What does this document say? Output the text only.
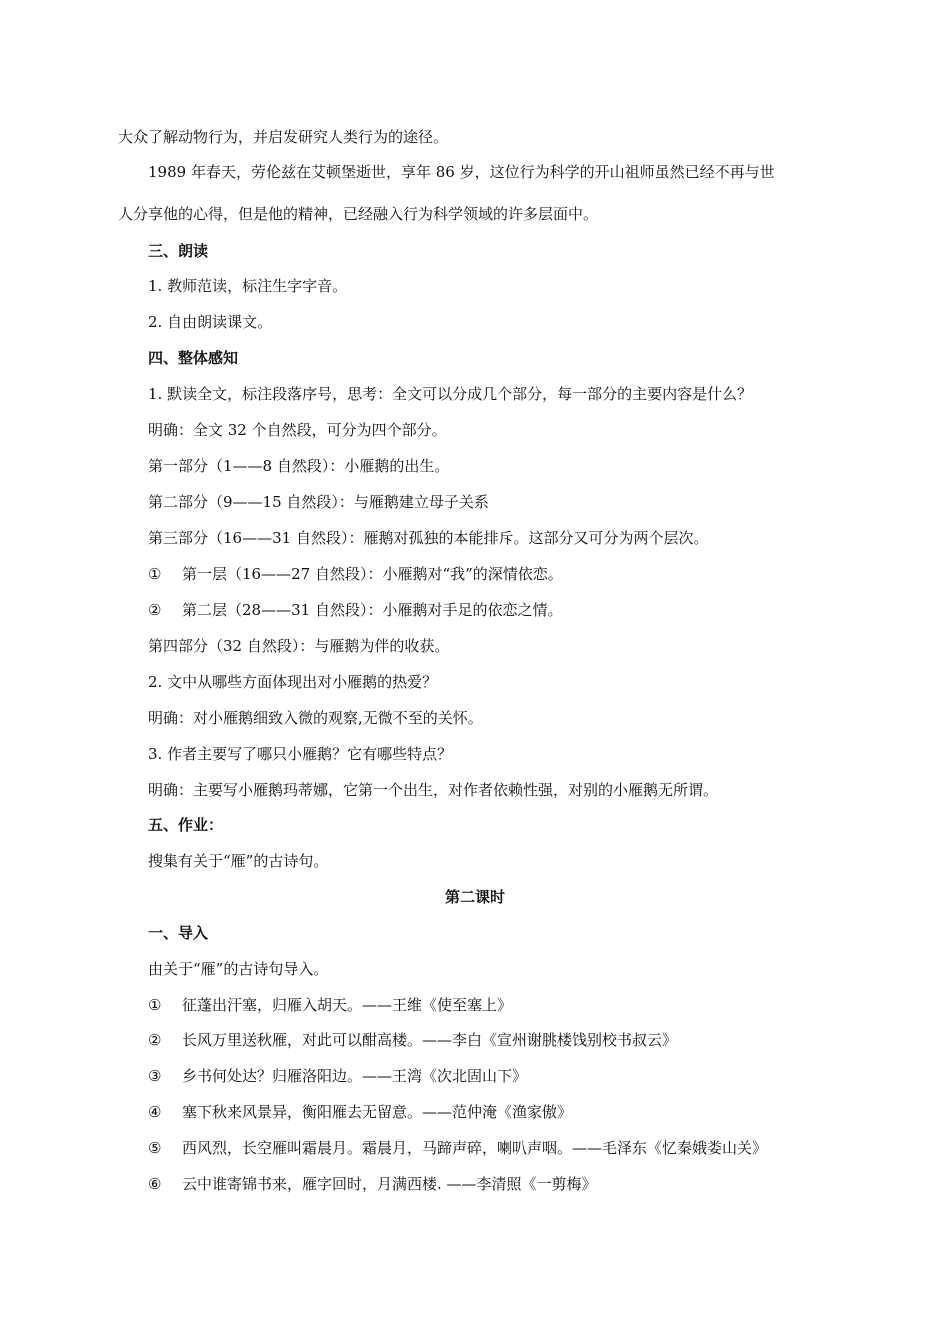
大众了解动物行为，并启发研究人类行为的途径。
1989 年春天，劳伦兹在艾顿堡逝世，享年 86 岁，这位行为科学的开山祖师虽然已经不再与世
人分享他的心得，但是他的精神，已经融入行为科学领域的许多层面中。
三、朗读
1. 教师范读，标注生字字音。
2. 自由朗读课文。
四、整体感知
1. 默读全文，标注段落序号，思考：全文可以分成几个部分，每一部分的主要内容是什么？
明确：全文 32 个自然段，可分为四个部分。
第一部分（1——8 自然段）：小雁鹅的出生。
第二部分（9——15 自然段）：与雁鹅建立母子关系
第三部分（16——31 自然段）：雁鹅对孤独的本能排斥。这部分又可分为两个层次。
① 第一层（16——27 自然段）：小雁鹅对“我”的深情依恋。
② 第二层（28——31 自然段）：小雁鹅对手足的依恋之情。
第四部分（32 自然段）：与雁鹅为伴的收获。
2. 文中从哪些方面体现出对小雁鹅的热爱？
明确：对小雁鹅细致入微的观察,无微不至的关怀。
3. 作者主要写了哪只小雁鹅？它有哪些特点？
明确：主要写小雁鹅玛蒂娜，它第一个出生，对作者依赖性强，对别的小雁鹅无所谓。
五、作业：
搜集有关于“雁”的古诗句。
第二课时
一、导入
由关于“雁”的古诗句导入。
① 征蓬出汗塞，归雁入胡天。——王维《使至塞上》
② 长风万里送秋雁，对此可以酣高楼。——李白《宣州谢朓楼饯别校书叔云》
③ 乡书何处达？归雁洛阳边。——王湾《次北固山下》
④ 塞下秋来风景异，衡阳雁去无留意。——范仲淹《渔家傲》
⑤ 西风烈，长空雁叫霜晨月。霜晨月，马蹄声碎，喇叭声咽。——毛泽东《忆秦娥娄山关》
⑥ 云中谁寄锦书来，雁字回时，月满西楼. ——李清照《一剪梅》
